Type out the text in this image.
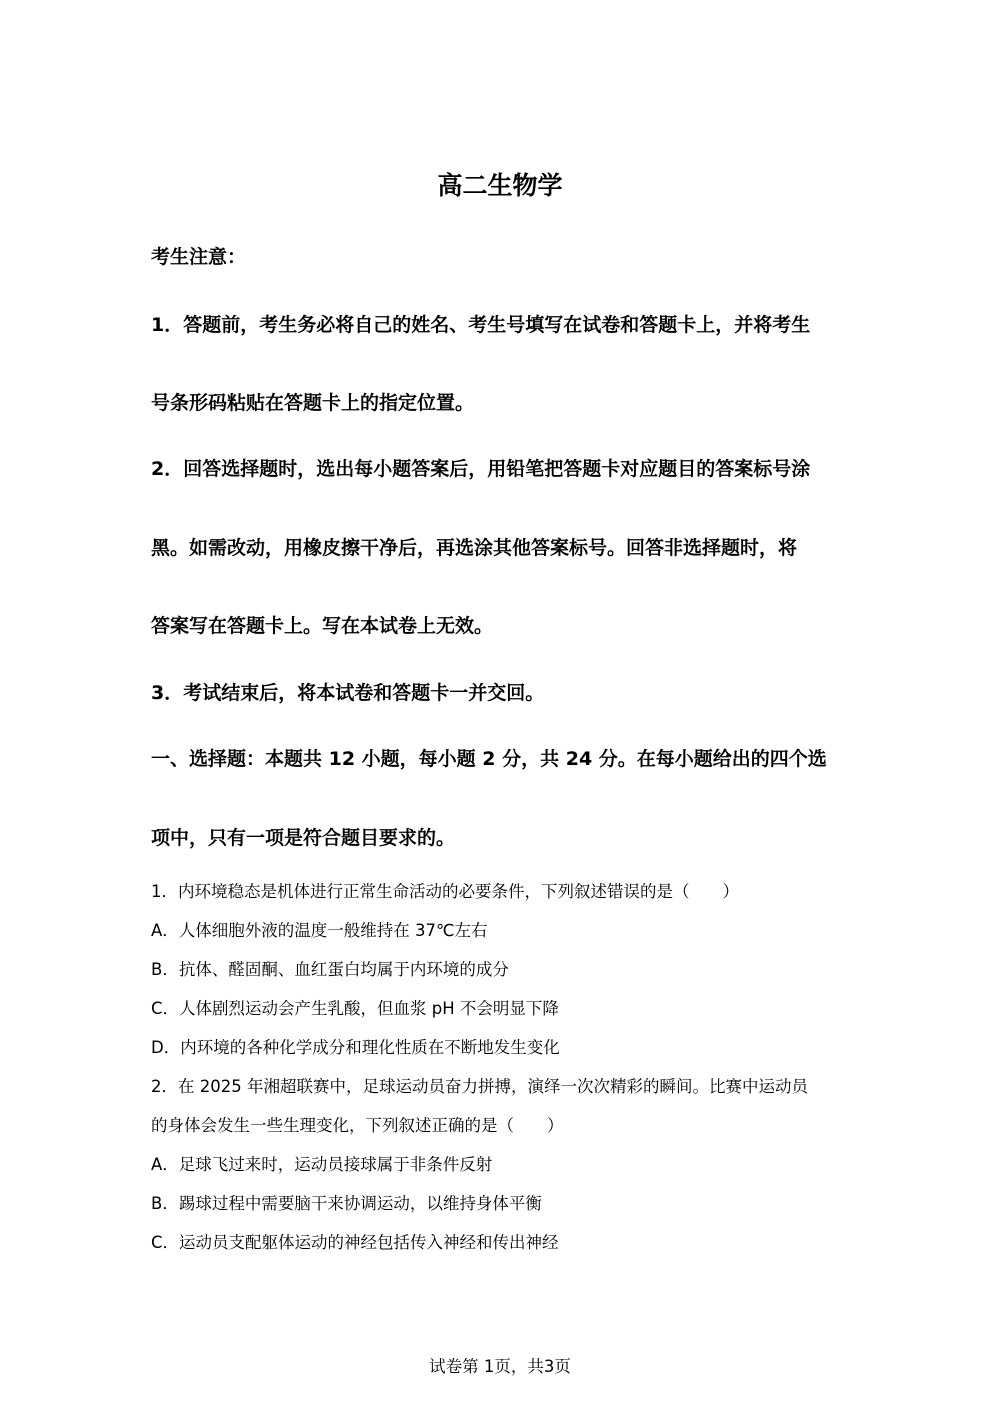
高二生物学
考生注意：
1．答题前，考生务必将自己的姓名、考生号填写在试卷和答题卡上，并将考生
号条形码粘贴在答题卡上的指定位置。
2．回答选择题时，选出每小题答案后，用铅笔把答题卡对应题目的答案标号涂
黑。如需改动，用橡皮擦干净后，再选涂其他答案标号。回答非选择题时，将
答案写在答题卡上。写在本试卷上无效。
3．考试结束后，将本试卷和答题卡一并交回。
一、选择题：本题共 12 小题，每小题 2 分，共 24 分。在每小题给出的四个选
项中，只有一项是符合题目要求的。
1．内环境稳态是机体进行正常生命活动的必要条件，下列叙述错误的是（　　）
A．人体细胞外液的温度一般维持在 37℃左右
B．抗体、醛固酮、血红蛋白均属于内环境的成分
C．人体剧烈运动会产生乳酸，但血浆 pH 不会明显下降
D．内环境的各种化学成分和理化性质在不断地发生变化
2．在 2025 年湘超联赛中，足球运动员奋力拼搏，演绎一次次精彩的瞬间。比赛中运动员
的身体会发生一些生理变化，下列叙述正确的是（　　）
A．足球飞过来时，运动员接球属于非条件反射
B．踢球过程中需要脑干来协调运动，以维持身体平衡
C．运动员支配躯体运动的神经包括传入神经和传出神经
试卷第 1页，共3页
